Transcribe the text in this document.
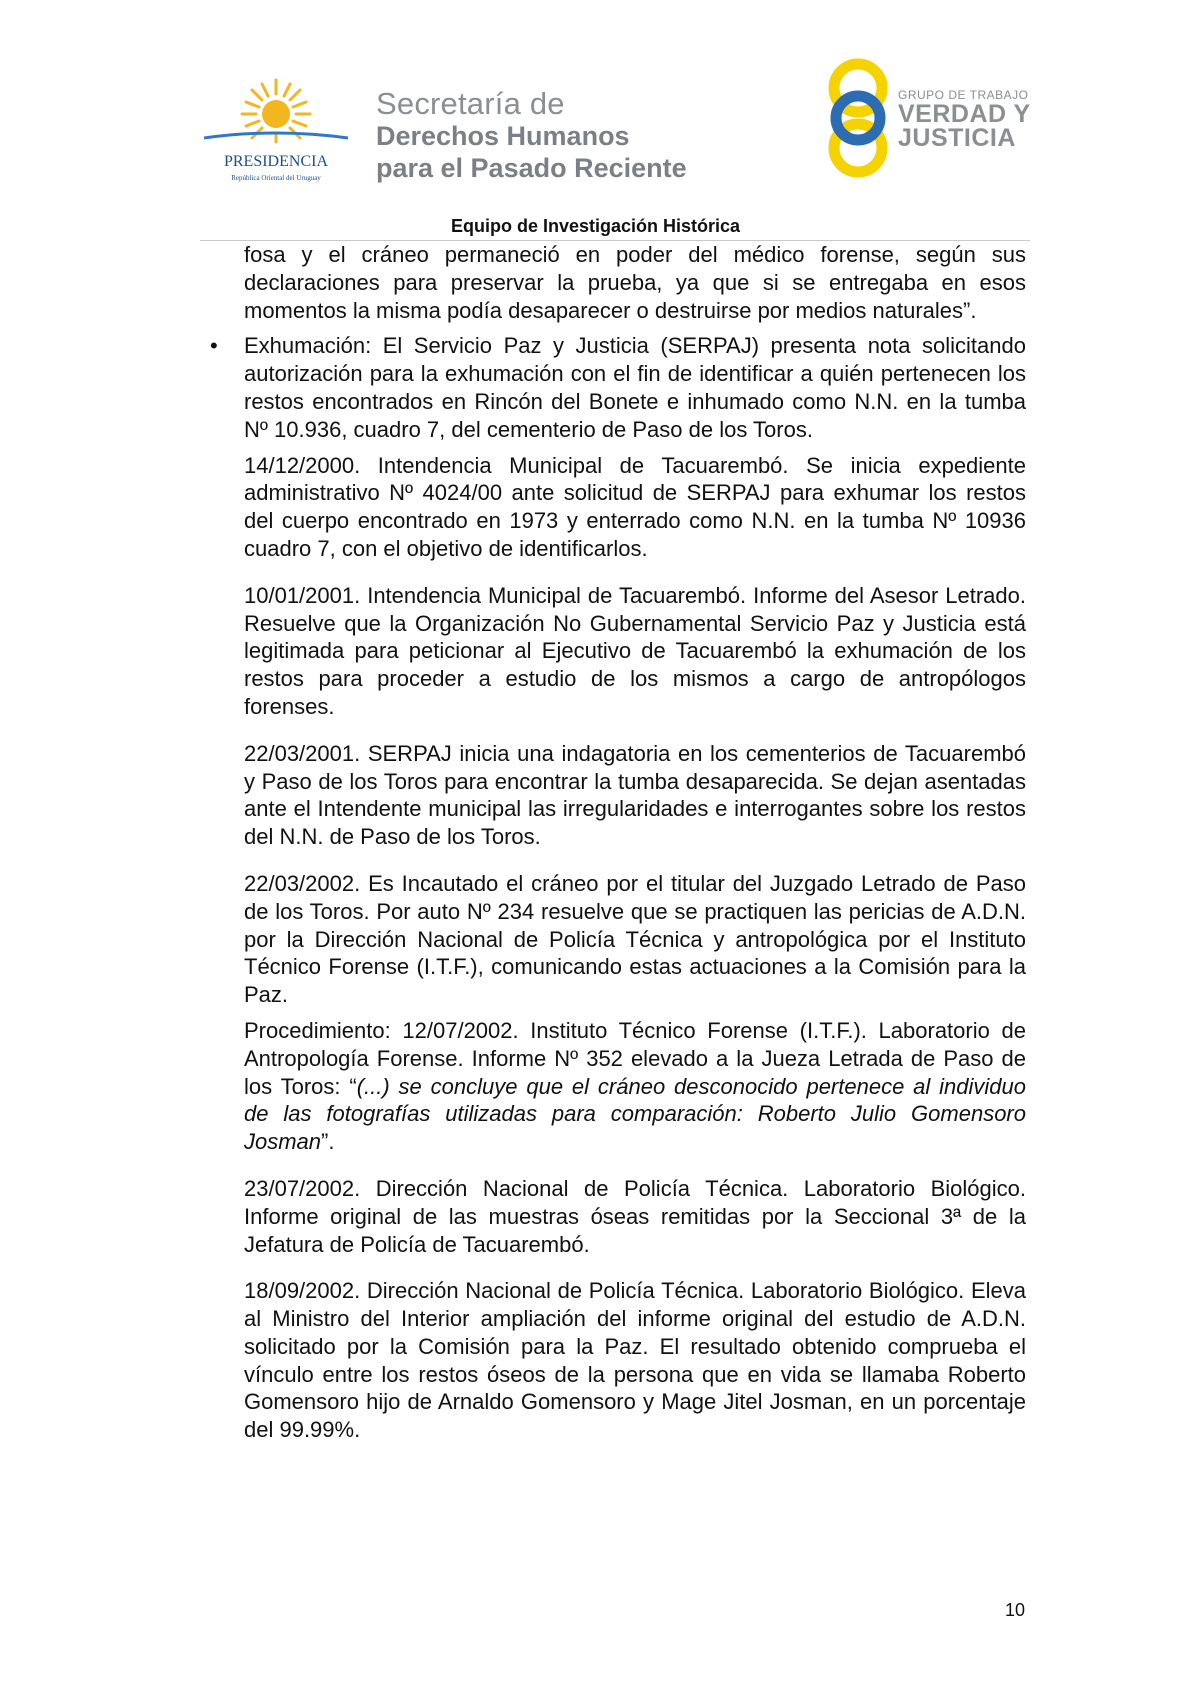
PRESIDENCIA
República Oriental del Uruguay
Secretaría de
Derechos Humanos
para el Pasado Reciente
GRUPO DE TRABAJO
VERDAD Y
JUSTICIA
Equipo de Investigación Histórica

fosa y el cráneo permaneció en poder del médico forense, según sus declaraciones para preservar la prueba, ya que si se entregaba en esos momentos la misma podía desaparecer o destruirse por medios naturales”.

• Exhumación: El Servicio Paz y Justicia (SERPAJ) presenta nota solicitando autorización para la exhumación con el fin de identificar a quién pertenecen los restos encontrados en Rincón del Bonete e inhumado como N.N. en la tumba Nº 10.936, cuadro 7, del cementerio de Paso de los Toros.

14/12/2000. Intendencia Municipal de Tacuarembó. Se inicia expediente administrativo Nº 4024/00 ante solicitud de SERPAJ para exhumar los restos del cuerpo encontrado en 1973 y enterrado como N.N. en la tumba Nº 10936 cuadro 7, con el objetivo de identificarlos.

10/01/2001. Intendencia Municipal de Tacuarembó. Informe del Asesor Letrado. Resuelve que la Organización No Gubernamental Servicio Paz y Justicia está legitimada para peticionar al Ejecutivo de Tacuarembó la exhumación de los restos para proceder a estudio de los mismos a cargo de antropólogos forenses.

22/03/2001. SERPAJ inicia una indagatoria en los cementerios de Tacuarembó y Paso de los Toros para encontrar la tumba desaparecida. Se dejan asentadas ante el Intendente municipal las irregularidades e interrogantes sobre los restos del N.N. de Paso de los Toros.

22/03/2002. Es Incautado el cráneo por el titular del Juzgado Letrado de Paso de los Toros. Por auto Nº 234 resuelve que se practiquen las pericias de A.D.N. por la Dirección Nacional de Policía Técnica y antropológica por el Instituto Técnico Forense (I.T.F.), comunicando estas actuaciones a la Comisión para la Paz.

Procedimiento: 12/07/2002. Instituto Técnico Forense (I.T.F.). Laboratorio de Antropología Forense. Informe Nº 352 elevado a la Jueza Letrada de Paso de los Toros: “(...) se concluye que el cráneo desconocido pertenece al individuo de las fotografías utilizadas para comparación: Roberto Julio Gomensoro Josman”.

23/07/2002. Dirección Nacional de Policía Técnica. Laboratorio Biológico. Informe original de las muestras óseas remitidas por la Seccional 3ª de la Jefatura de Policía de Tacuarembó.

18/09/2002. Dirección Nacional de Policía Técnica. Laboratorio Biológico. Eleva al Ministro del Interior ampliación del informe original del estudio de A.D.N. solicitado por la Comisión para la Paz. El resultado obtenido comprueba el vínculo entre los restos óseos de la persona que en vida se llamaba Roberto Gomensoro hijo de Arnaldo Gomensoro y Mage Jitel Josman, en un porcentaje del 99.99%.

10
